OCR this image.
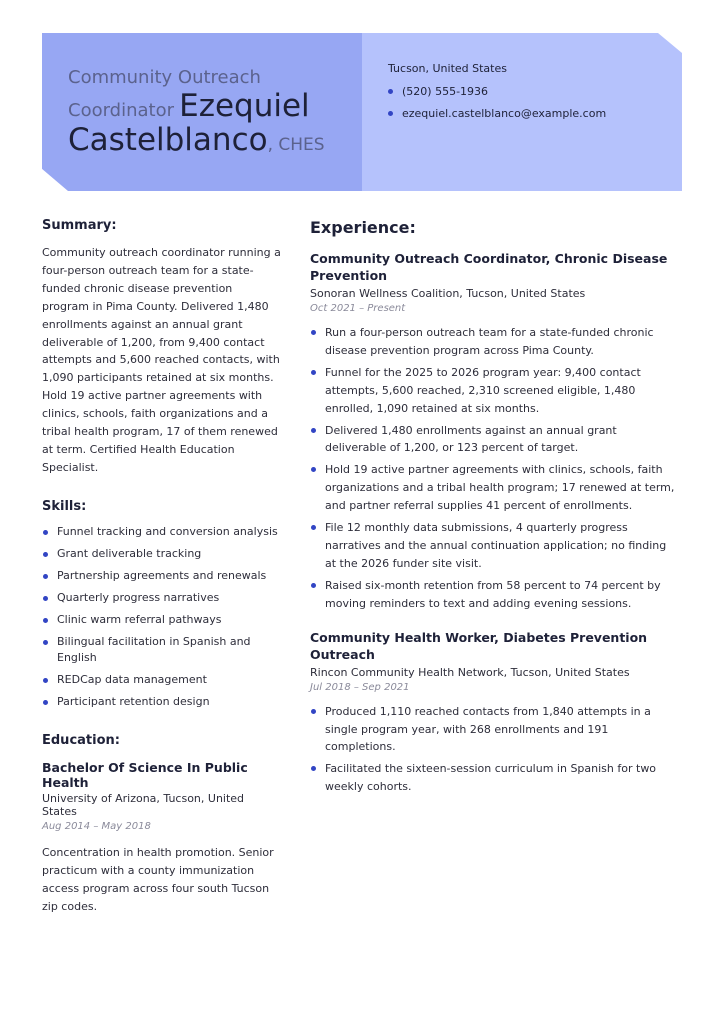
Community Outreach Coordinator Ezequiel Castelblanco, CHES
Tucson, United States
(520) 555-1936
ezequiel.castelblanco@example.com
Summary:

Community outreach coordinator running a four-person outreach team for a state-funded chronic disease prevention program in Pima County. Delivered 1,480 enrollments against an annual grant deliverable of 1,200, from 9,400 contact attempts and 5,600 reached contacts, with 1,090 participants retained at six months. Hold 19 active partner agreements with clinics, schools, faith organizations and a tribal health program, 17 of them renewed at term. Certified Health Education Specialist.

Skills:
Funnel tracking and conversion analysis
Grant deliverable tracking
Partnership agreements and renewals
Quarterly progress narratives
Clinic warm referral pathways
Bilingual facilitation in Spanish and English
REDCap data management
Participant retention design
Education:
Bachelor Of Science In Public Health
University of Arizona, Tucson, United States
Aug 2014 – May 2018

Concentration in health promotion. Senior practicum with a county immunization access program across four south Tucson zip codes.

Experience:
Community Outreach Coordinator, Chronic Disease Prevention
Sonoran Wellness Coalition, Tucson, United States
Oct 2021 – Present
Run a four-person outreach team for a state-funded chronic disease prevention program across Pima County.
Funnel for the 2025 to 2026 program year: 9,400 contact attempts, 5,600 reached, 2,310 screened eligible, 1,480 enrolled, 1,090 retained at six months.
Delivered 1,480 enrollments against an annual grant deliverable of 1,200, or 123 percent of target.
Hold 19 active partner agreements with clinics, schools, faith organizations and a tribal health program; 17 renewed at term, and partner referral supplies 41 percent of enrollments.
File 12 monthly data submissions, 4 quarterly progress narratives and the annual continuation application; no finding at the 2026 funder site visit.
Raised six-month retention from 58 percent to 74 percent by moving reminders to text and adding evening sessions.
Community Health Worker, Diabetes Prevention Outreach
Rincon Community Health Network, Tucson, United States
Jul 2018 – Sep 2021
Produced 1,110 reached contacts from 1,840 attempts in a single program year, with 268 enrollments and 191 completions.
Facilitated the sixteen-session curriculum in Spanish for two weekly cohorts.
